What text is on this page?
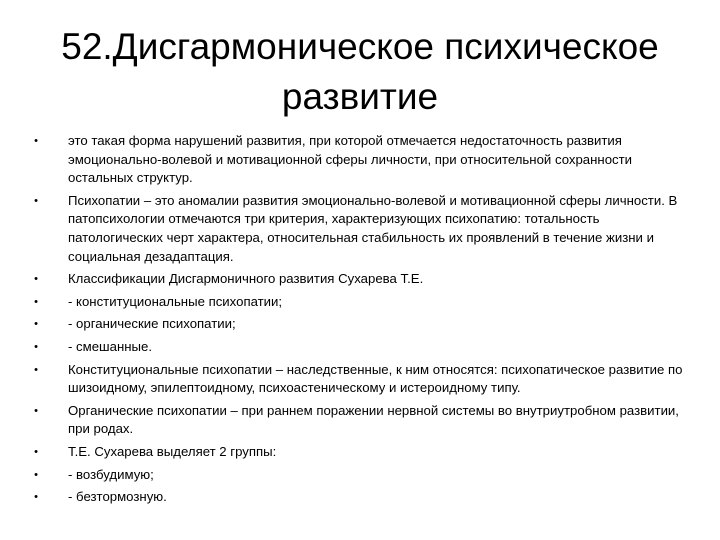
52.Дисгармоническое психическое
развитие
•	это такая форма нарушений развития, при которой отмечается недостаточность развития эмоционально-волевой и мотивационной сферы личности, при относительной сохранности остальных структур.
•	Психопатии – это аномалии развития эмоционально-волевой и мотивационной сферы личности. В патопсихологии отмечаются три критерия, характеризующих психопатию: тотальность патологических черт характера, относительная стабильность их проявлений в течение жизни и социальная дезадаптация.
•	Классификации Дисгармоничного развития Сухарева Т.Е.
•	- конституциональные психопатии;
•	- органические психопатии;
•	- смешанные.
•	Конституциональные психопатии – наследственные, к ним относятся: психопатическое развитие по шизоидному, эпилептоидному, психоастеническому и истероидному типу.
•	Органические психопатии – при раннем поражении нервной системы во внутриутробном развитии, при родах.
•	Т.Е. Сухарева выделяет 2 группы:
•	- возбудимую;
•	- безтормозную.
